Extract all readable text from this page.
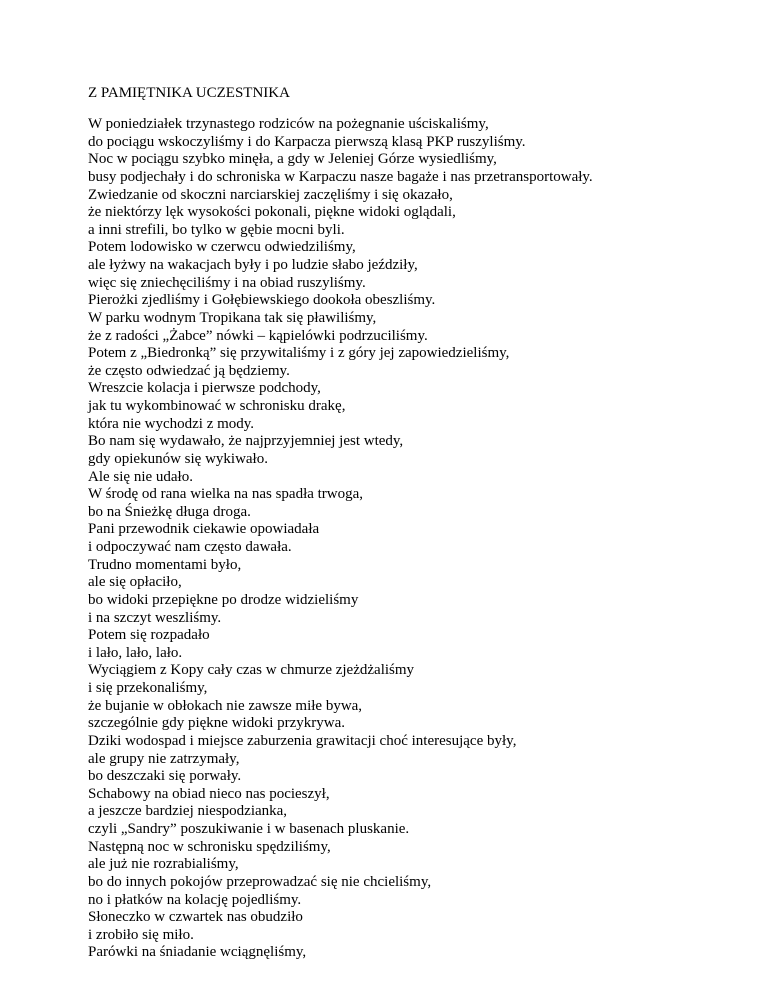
Z PAMIĘTNIKA UCZESTNIKA
W poniedziałek trzynastego rodziców na pożegnanie uściskaliśmy,
do pociągu wskoczyliśmy i do Karpacza pierwszą klasą PKP ruszyliśmy.
Noc w pociągu szybko minęła, a gdy w Jeleniej Górze wysiedliśmy,
busy podjechały i do schroniska w Karpaczu nasze bagaże i nas przetransportowały.
Zwiedzanie od skoczni narciarskiej zaczęliśmy i się okazało,
że niektórzy lęk wysokości pokonali, piękne widoki oglądali,
a inni strefili, bo tylko w gębie mocni byli.
Potem lodowisko w czerwcu odwiedziliśmy,
ale łyżwy na wakacjach były i po ludzie słabo jeździły,
więc się zniechęciliśmy i na obiad ruszyliśmy.
Pierożki zjedliśmy i Gołębiewskiego dookoła obeszliśmy.
W parku wodnym Tropikana tak się pławiliśmy,
że z radości „Żabce” nówki – kąpielówki podrzuciliśmy.
Potem z „Biedronką” się przywitaliśmy i z góry jej zapowiedzieliśmy,
że często odwiedzać ją będziemy.
Wreszcie kolacja i pierwsze podchody,
jak tu wykombinować w schronisku drakę,
która nie wychodzi z mody.
Bo nam się wydawało, że najprzyjemniej jest wtedy,
gdy opiekunów się wykiwało.
Ale się nie udało.
W środę od rana wielka na nas spadła trwoga,
bo na Śnieżkę długa droga.
Pani przewodnik ciekawie opowiadała
i odpoczywać nam często dawała.
Trudno momentami było,
ale się opłaciło,
bo widoki przepiękne po drodze widzieliśmy
i na szczyt weszliśmy.
Potem się rozpadało
i lało, lało, lało.
Wyciągiem z Kopy cały czas w chmurze zjeżdżaliśmy
i się przekonaliśmy,
że bujanie w obłokach nie zawsze miłe bywa,
szczególnie gdy piękne widoki przykrywa.
Dziki wodospad i miejsce zaburzenia grawitacji choć interesujące były,
ale grupy nie zatrzymały,
bo deszczaki się porwały.
Schabowy na obiad nieco nas pocieszył,
a jeszcze bardziej niespodzianka,
czyli „Sandry” poszukiwanie i w basenach pluskanie.
Następną noc w schronisku spędziliśmy,
ale już nie rozrabialiśmy,
bo do innych pokojów przeprowadzać się nie chcieliśmy,
no i płatków na kolację pojedliśmy.
Słoneczko w czwartek nas obudziło
i zrobiło się miło.
Parówki na śniadanie wciągnęliśmy,
